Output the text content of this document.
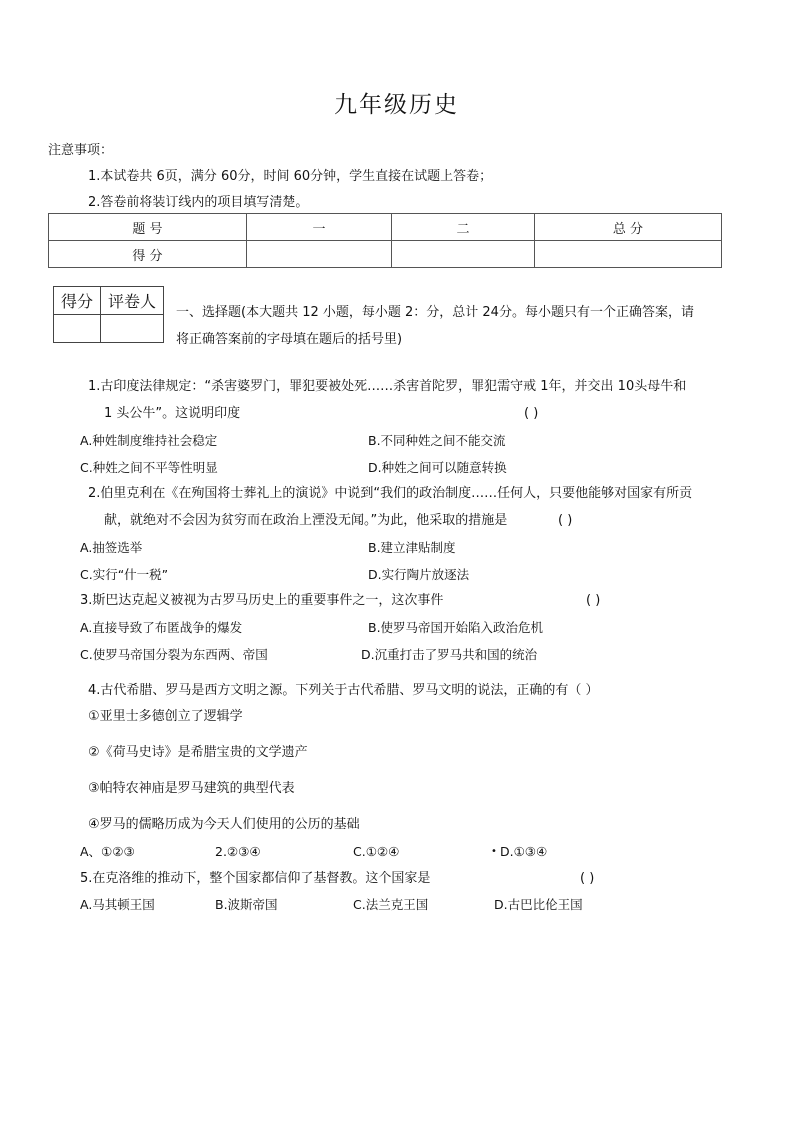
九年级历史
注意事项：
1.本试卷共 6页，满分 60分，时间 60分钟，学生直接在试题上答卷；
2.答卷前将装订线内的项目填写清楚。
题 号	一	二	总 分
得 分			
得分	评卷人

一、选择题(本大题共 12 小题，每小题 2：分，总计 24分。每小题只有一个正确答案，请
将正确答案前的字母填在题后的括号里)
1.古印度法律规定：“杀害婆罗门，罪犯要被处死……杀害首陀罗，罪犯需守戒 1年，并交出 10头母牛和
1 头公牛”。这说明印度	( )
A.种姓制度维持社会稳定	B.不同种姓之间不能交流
C.种姓之间不平等性明显	D.种姓之间可以随意转换
2.伯里克利在《在殉国将士葬礼上的演说》中说到“我们的政治制度……任何人，只要他能够对国家有所贡
献，就绝对不会因为贫穷而在政治上湮没无闻。”为此，他采取的措施是	( )
A.抽签选举	B.建立津贴制度
C.实行“什一税”	D.实行陶片放逐法
3.斯巴达克起义被视为古罗马历史上的重要事件之一，这次事件	( )
A.直接导致了布匿战争的爆发	B.使罗马帝国开始陷入政治危机
C.使罗马帝国分裂为东西两、帝国	D.沉重打击了罗马共和国的统治
4.古代希腊、罗马是西方文明之源。下列关于古代希腊、罗马文明的说法，正确的有（ ）
①亚里士多德创立了逻辑学
②《荷马史诗》是希腊宝贵的文学遗产
③帕特农神庙是罗马建筑的典型代表
④罗马的儒略历成为今天人们使用的公历的基础
A、①②③	2.②③④	C.①②④	• D.①③④
5.在克洛维的推动下，整个国家都信仰了基督教。这个国家是	( )
A.马其顿王国	B.波斯帝国	C.法兰克王国	D.古巴比伦王国
